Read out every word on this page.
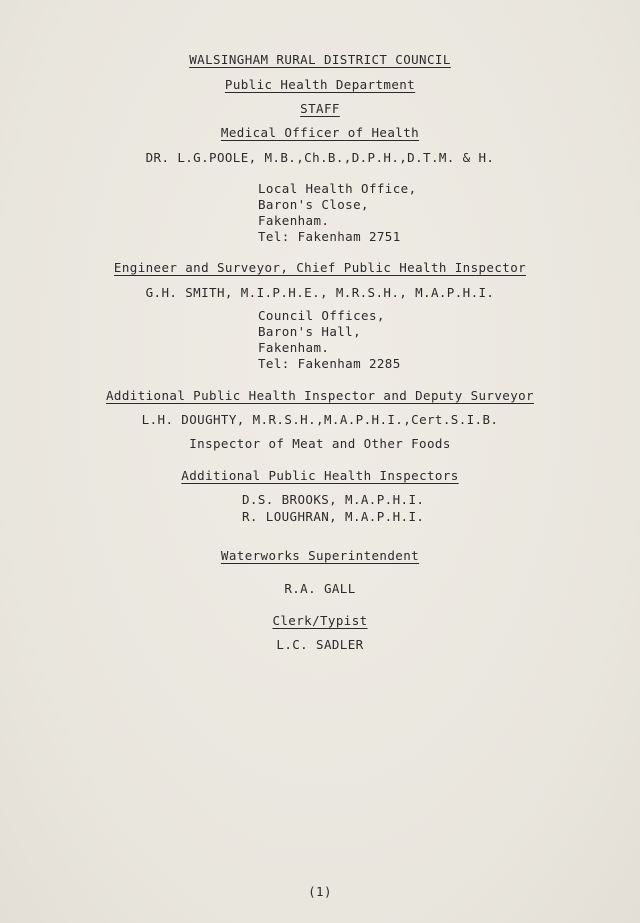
WALSINGHAM RURAL DISTRICT COUNCIL
Public Health Department
STAFF
Medical Officer of Health
DR. L.G.POOLE, M.B.,Ch.B.,D.P.H.,D.T.M. & H.
Local Health Office,
Baron's Close,
Fakenham.
Tel: Fakenham 2751
Engineer and Surveyor, Chief Public Health Inspector
G.H. SMITH, M.I.P.H.E., M.R.S.H., M.A.P.H.I.
Council Offices,
Baron's Hall,
Fakenham.
Tel: Fakenham 2285
Additional Public Health Inspector and Deputy Surveyor
L.H. DOUGHTY, M.R.S.H.,M.A.P.H.I.,Cert.S.I.B.
Inspector of Meat and Other Foods
Additional Public Health Inspectors
D.S. BROOKS, M.A.P.H.I.
R. LOUGHRAN, M.A.P.H.I.
Waterworks Superintendent
R.A. GALL
Clerk/Typist
L.C. SADLER
(1)
